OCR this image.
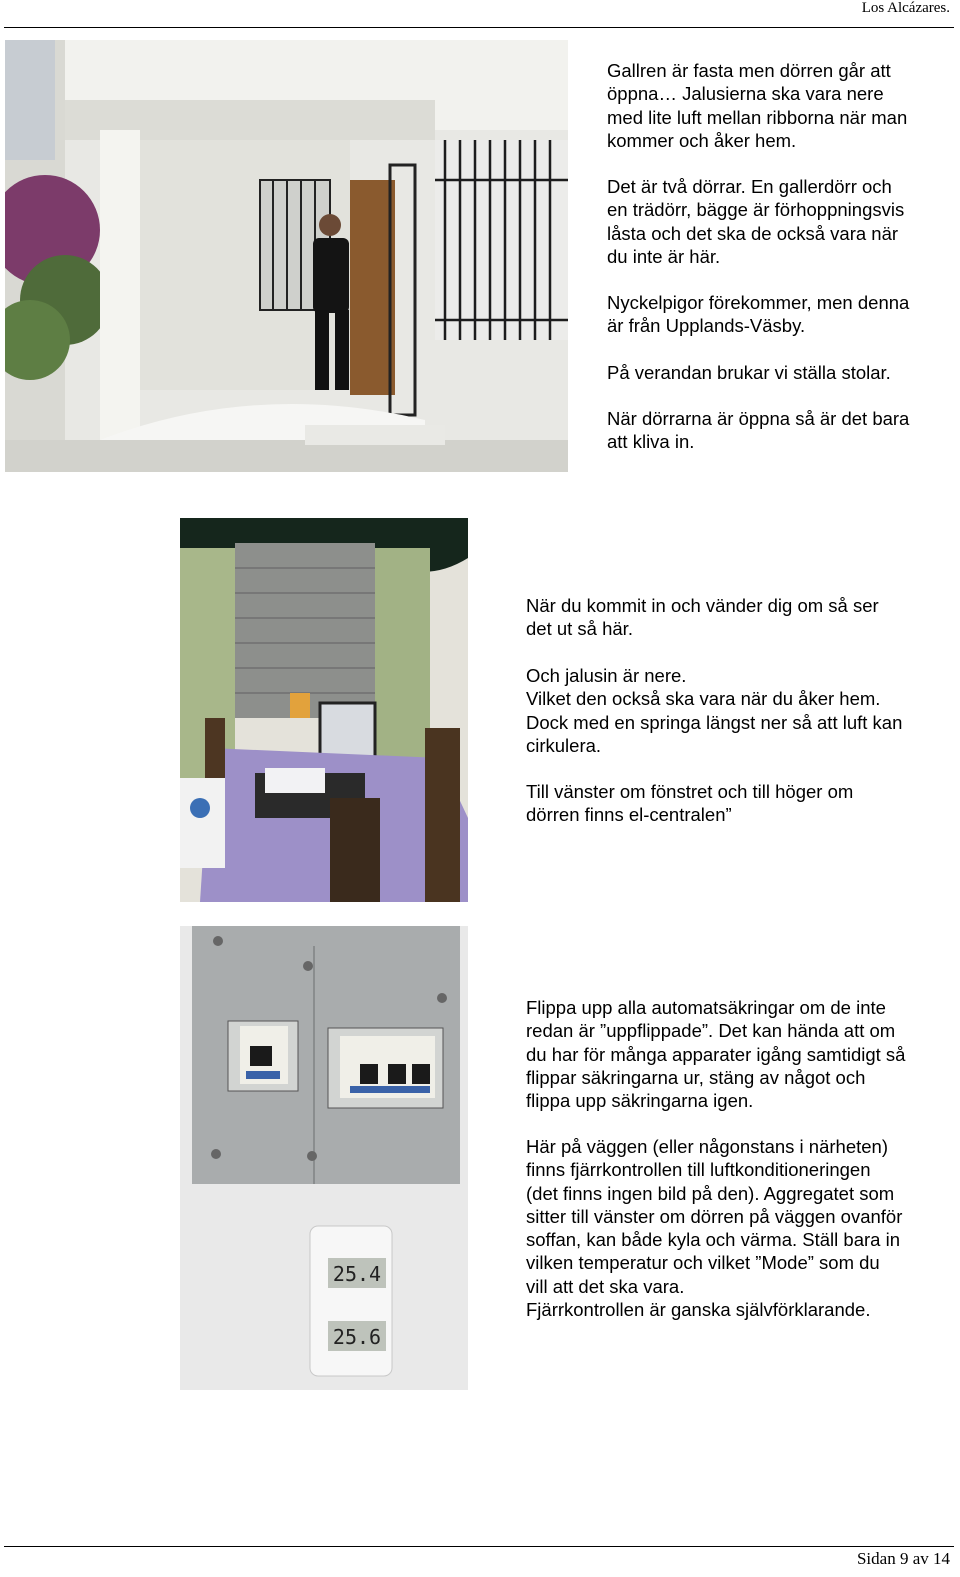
Los Alcázares.

Gallren är fasta men dörren går att
öppna… Jalusierna ska vara nere
med lite luft mellan ribborna när man
kommer och åker hem.

Det är två dörrar. En gallerdörr och
en trädörr, bägge är förhoppningsvis
låsta och det ska de också vara när
du inte är här.

Nyckelpigor förekommer, men denna
är från Upplands-Väsby.

På verandan brukar vi ställa stolar.

När dörrarna är öppna så är det bara
att kliva in.

När du kommit in och vänder dig om så ser
det ut så här.

Och jalusin är nere.
Vilket den också ska vara när du åker hem.
Dock med en springa längst ner så att luft kan
cirkulera.

Till vänster om fönstret och till höger om
dörren finns el-centralen”

25.4
25.6

Flippa upp alla automatsäkringar om de inte
redan är ”uppflippade”. Det kan hända att om
du har för många apparater igång samtidigt så
flippar säkringarna ur, stäng av något och
flippa upp säkringarna igen.

Här på väggen (eller någonstans i närheten)
finns fjärrkontrollen till luftkonditioneringen
(det finns ingen bild på den). Aggregatet som
sitter till vänster om dörren på väggen ovanför
soffan, kan både kyla och värma. Ställ bara in
vilken temperatur och vilket ”Mode” som du
vill att det ska vara.
Fjärrkontrollen är ganska självförklarande.

Sidan 9 av 14
